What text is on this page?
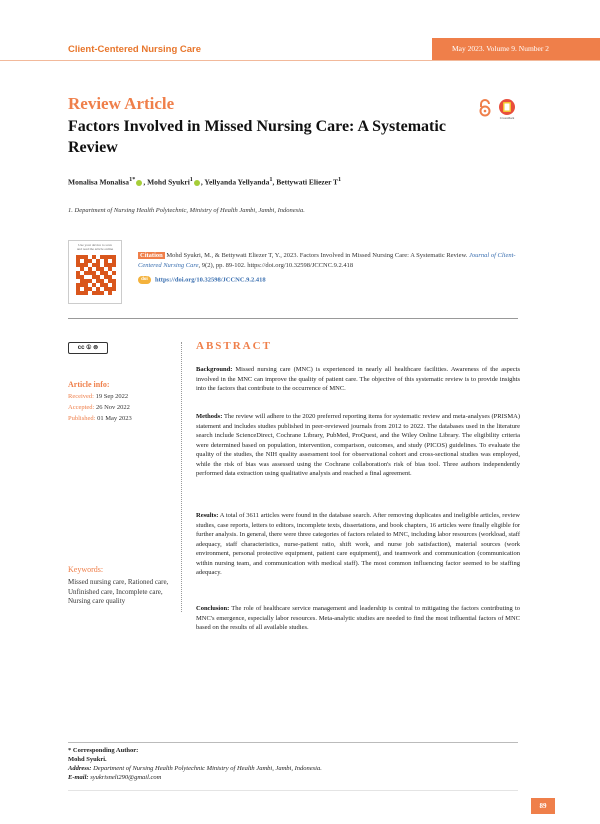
Client-Centered Nursing Care	May 2023. Volume 9. Number 2
Review Article
Factors Involved in Missed Nursing Care: A Systematic Review
CrossMark
Monalisa Monalisa$^{1*}$ , Mohd Syukri$^1$ , Yellyanda Yellyanda$^1$, Bettywati Eliezer $T^1$
1. Department of Nursing Health Polytechnic, Ministry of Health Jambi, Jambi, Indonesia.
Use your device to scan
and read the article online
Citation Mohd Syukri, M., & Bettywati Eliezer T, Y., 2023. Factors Involved in Missed Nursing Care: A Systematic Review. Journal of Client-Centered Nursing Care, 9(2), pp. 89-102. https://doi.org/10.32598/JCCNC.9.2.418
doi https://doi.org/10.32598/JCCNC.9.2.418
cc ① ⊜
Article info:
Received: 19 Sep 2022
Accepted: 26 Nov 2022
Published: 01 May 2023
Keywords:
Missed nursing care, Rationed care, Unfinished care, Incomplete care, Nursing care quality
ABSTRACT
Background: Missed nursing care (MNC) is experienced in nearly all healthcare facilities. Awareness of the aspects involved in the MNC can improve the quality of patient care. The objective of this systematic review is to provide insights into the factors that contribute to the occurrence of MNC.
Methods: The review will adhere to the 2020 preferred reporting items for systematic review and meta-analyses (PRISMA) statement and includes studies published in peer-reviewed journals from 2012 to 2022. The databases used in the literature search include ScienceDirect, Cochrane Library, PubMed, ProQuest, and the Wiley Online Library. The eligibility criteria were determined based on population, intervention, comparison, outcomes, and study (PICOS) guidelines. To evaluate the quality of the studies, the NIH quality assessment tool for observational cohort and cross-sectional studies was employed, while the risk of bias was assessed using the Cochrane collaboration's risk of bias tool. Three authors independently performed data extraction using qualitative analysis and reached a final agreement.
Results: A total of 3611 articles were found in the database search. After removing duplicates and ineligible articles, review studies, case reports, letters to editors, incomplete texts, dissertations, and book chapters, 16 articles were finally eligible for further analysis. In general, there were three categories of factors related to MNC, including labor resources (workload, staff adequacy, staff characteristics, nurse-patient ratio, shift work, and nurse job satisfaction), material sources (work environment, personal protective equipment, patient care equipment), and teamwork and communication (communication within nursing team, and communication with medical staff). The most common influencing factor seemed to be staffing adequacy.
Conclusion: The role of healthcare service management and leadership is central to mitigating the factors contributing to MNC's emergence, especially labor resources. Meta-analytic studies are needed to find the most influential factors of MNC based on the results of all available studies.
* Corresponding Author:
Mohd Syukri.
Address: Department of Nursing Health Polytechnic Ministry of Health Jambi, Jambi, Indonesia.
E-mail: syukrisneli290@gmail.com
89
